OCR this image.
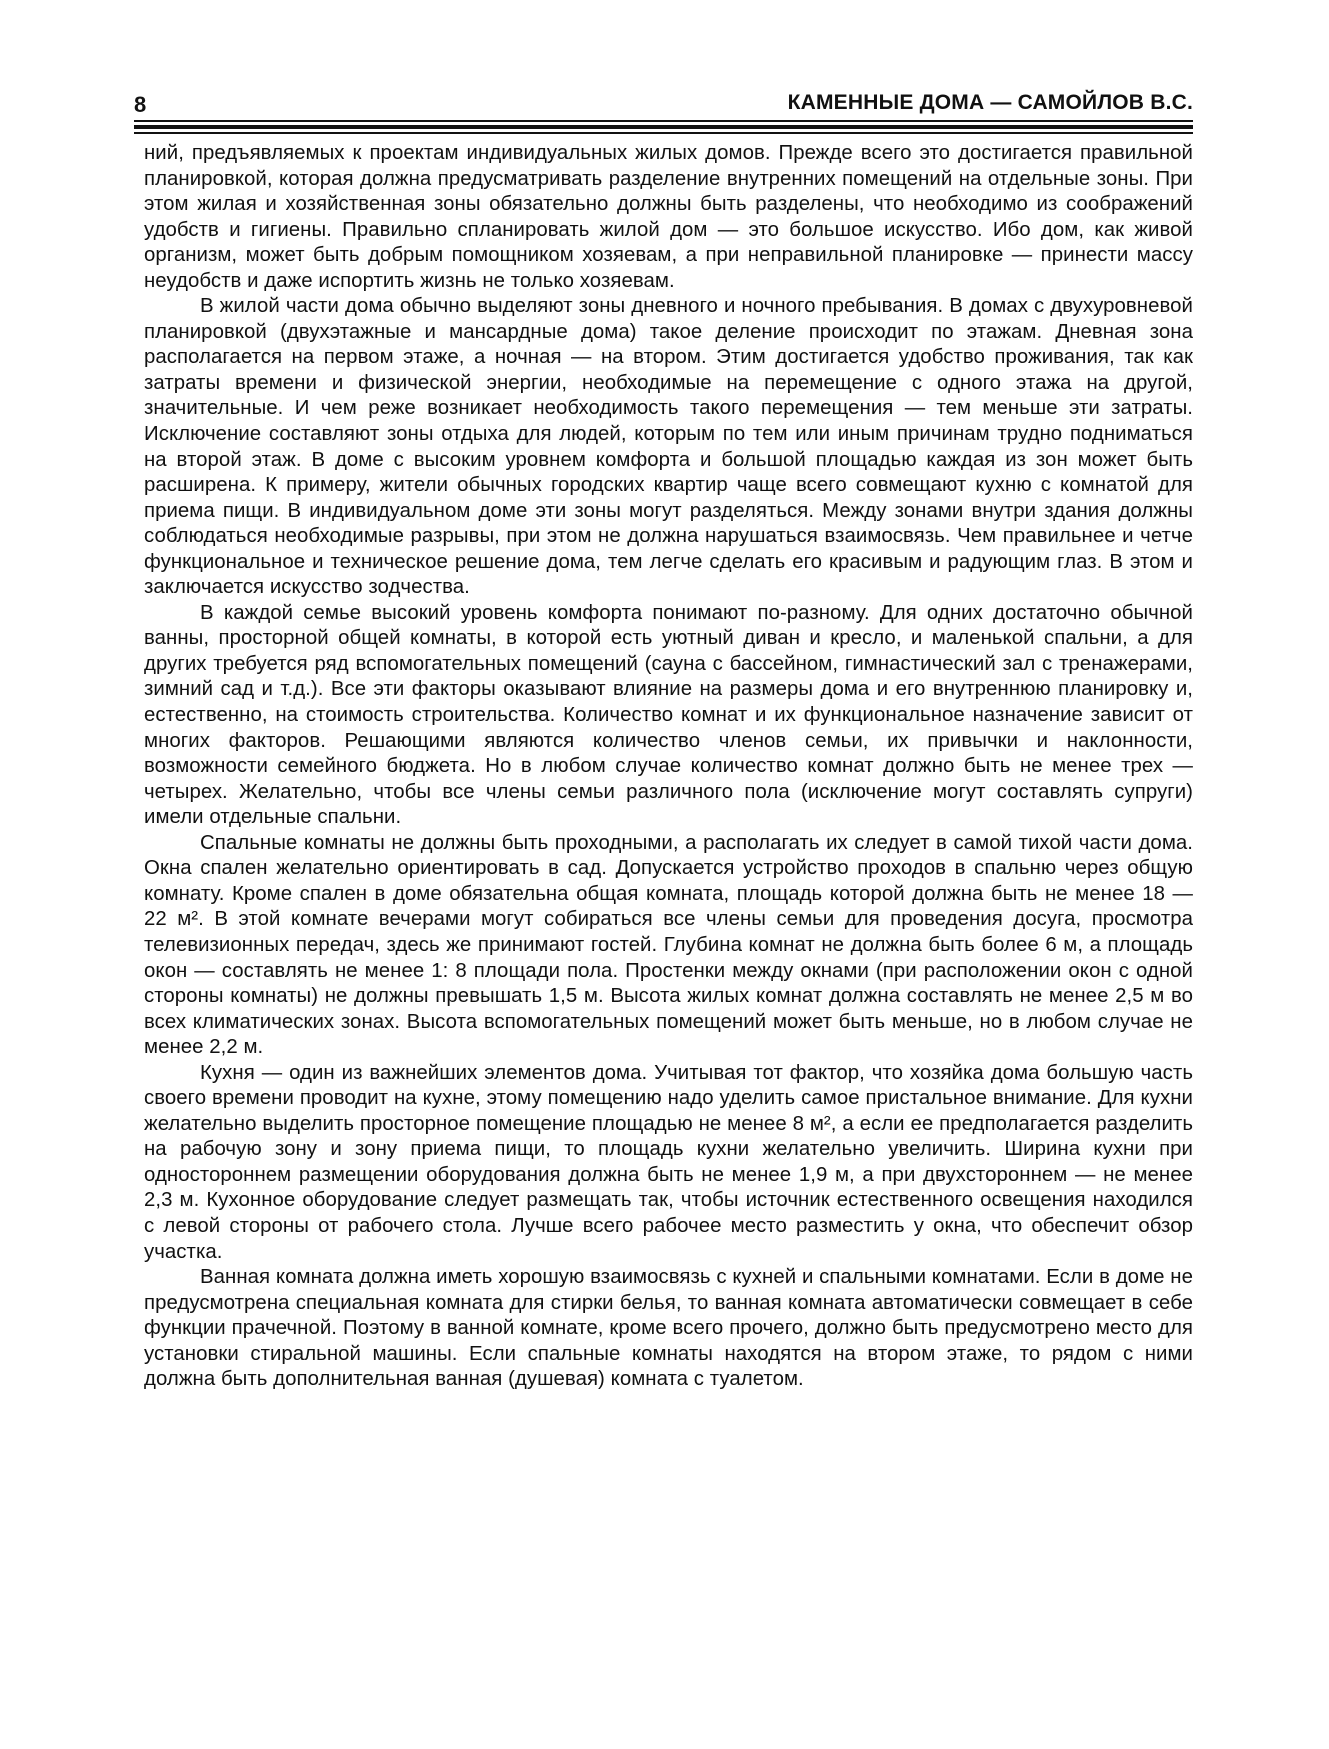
8	КАМЕННЫЕ ДОМА — САМОЙЛОВ В.С.

ний, предъявляемых к проектам индивидуальных жилых домов. Прежде всего это достигается правильной планировкой, которая должна предусматривать разделение внутренних помещений на отдельные зоны. При этом жилая и хозяйственная зоны обязательно должны быть разделены, что необходимо из соображений удобств и гигиены. Правильно спланировать жилой дом — это большое искусство. Ибо дом, как живой организм, может быть добрым помощником хозяевам, а при неправильной планировке — принести массу неудобств и даже испортить жизнь не только хозяевам.

В жилой части дома обычно выделяют зоны дневного и ночного пребывания. В домах с двухуровневой планировкой (двухэтажные и мансардные дома) такое деление происходит по этажам. Дневная зона располагается на первом этаже, а ночная — на втором. Этим достигается удобство проживания, так как затраты времени и физической энергии, необходимые на перемещение с одного этажа на другой, значительные. И чем реже возникает необходимость такого перемещения — тем меньше эти затраты. Исключение составляют зоны отдыха для людей, которым по тем или иным причинам трудно подниматься на второй этаж. В доме с высоким уровнем комфорта и большой площадью каждая из зон может быть расширена. К примеру, жители обычных городских квартир чаще всего совмещают кухню с комнатой для приема пищи. В индивидуальном доме эти зоны могут разделяться. Между зонами внутри здания должны соблюдаться необходимые разрывы, при этом не должна нарушаться взаимосвязь. Чем правильнее и четче функциональное и техническое решение дома, тем легче сделать его красивым и радующим глаз. В этом и заключается искусство зодчества.

В каждой семье высокий уровень комфорта понимают по-разному. Для одних достаточно обычной ванны, просторной общей комнаты, в которой есть уютный диван и кресло, и маленькой спальни, а для других требуется ряд вспомогательных помещений (сауна с бассейном, гимнастический зал с тренажерами, зимний сад и т.д.). Все эти факторы оказывают влияние на размеры дома и его внутреннюю планировку и, естественно, на стоимость строительства. Количество комнат и их функциональное назначение зависит от многих факторов. Решающими являются количество членов семьи, их привычки и наклонности, возможности семейного бюджета. Но в любом случае количество комнат должно быть не менее трех — четырех. Желательно, чтобы все члены семьи различного пола (исключение могут составлять супруги) имели отдельные спальни.

Спальные комнаты не должны быть проходными, а располагать их следует в самой тихой части дома. Окна спален желательно ориентировать в сад. Допускается устройство проходов в спальню через общую комнату. Кроме спален в доме обязательна общая комната, площадь которой должна быть не менее 18 — 22 м². В этой комнате вечерами могут собираться все члены семьи для проведения досуга, просмотра телевизионных передач, здесь же принимают гостей. Глубина комнат не должна быть более 6 м, а площадь окон — составлять не менее 1: 8 площади пола. Простенки между окнами (при расположении окон с одной стороны комнаты) не должны превышать 1,5 м. Высота жилых комнат должна составлять не менее 2,5 м во всех климатических зонах. Высота вспомогательных помещений может быть меньше, но в любом случае не менее 2,2 м.

Кухня — один из важнейших элементов дома. Учитывая тот фактор, что хозяйка дома большую часть своего времени проводит на кухне, этому помещению надо уделить самое пристальное внимание. Для кухни желательно выделить просторное помещение площадью не менее 8 м², а если ее предполагается разделить на рабочую зону и зону приема пищи, то площадь кухни желательно увеличить. Ширина кухни при одностороннем размещении оборудования должна быть не менее 1,9 м, а при двухстороннем — не менее 2,3 м. Кухонное оборудование следует размещать так, чтобы источник естественного освещения находился с левой стороны от рабочего стола. Лучше всего рабочее место разместить у окна, что обеспечит обзор участка.

Ванная комната должна иметь хорошую взаимосвязь с кухней и спальными комнатами. Если в доме не предусмотрена специальная комната для стирки белья, то ванная комната автоматически совмещает в себе функции прачечной. Поэтому в ванной комнате, кроме всего прочего, должно быть предусмотрено место для установки стиральной машины. Если спальные комнаты находятся на втором этаже, то рядом с ними должна быть дополнительная ванная (душевая) комната с туалетом.
